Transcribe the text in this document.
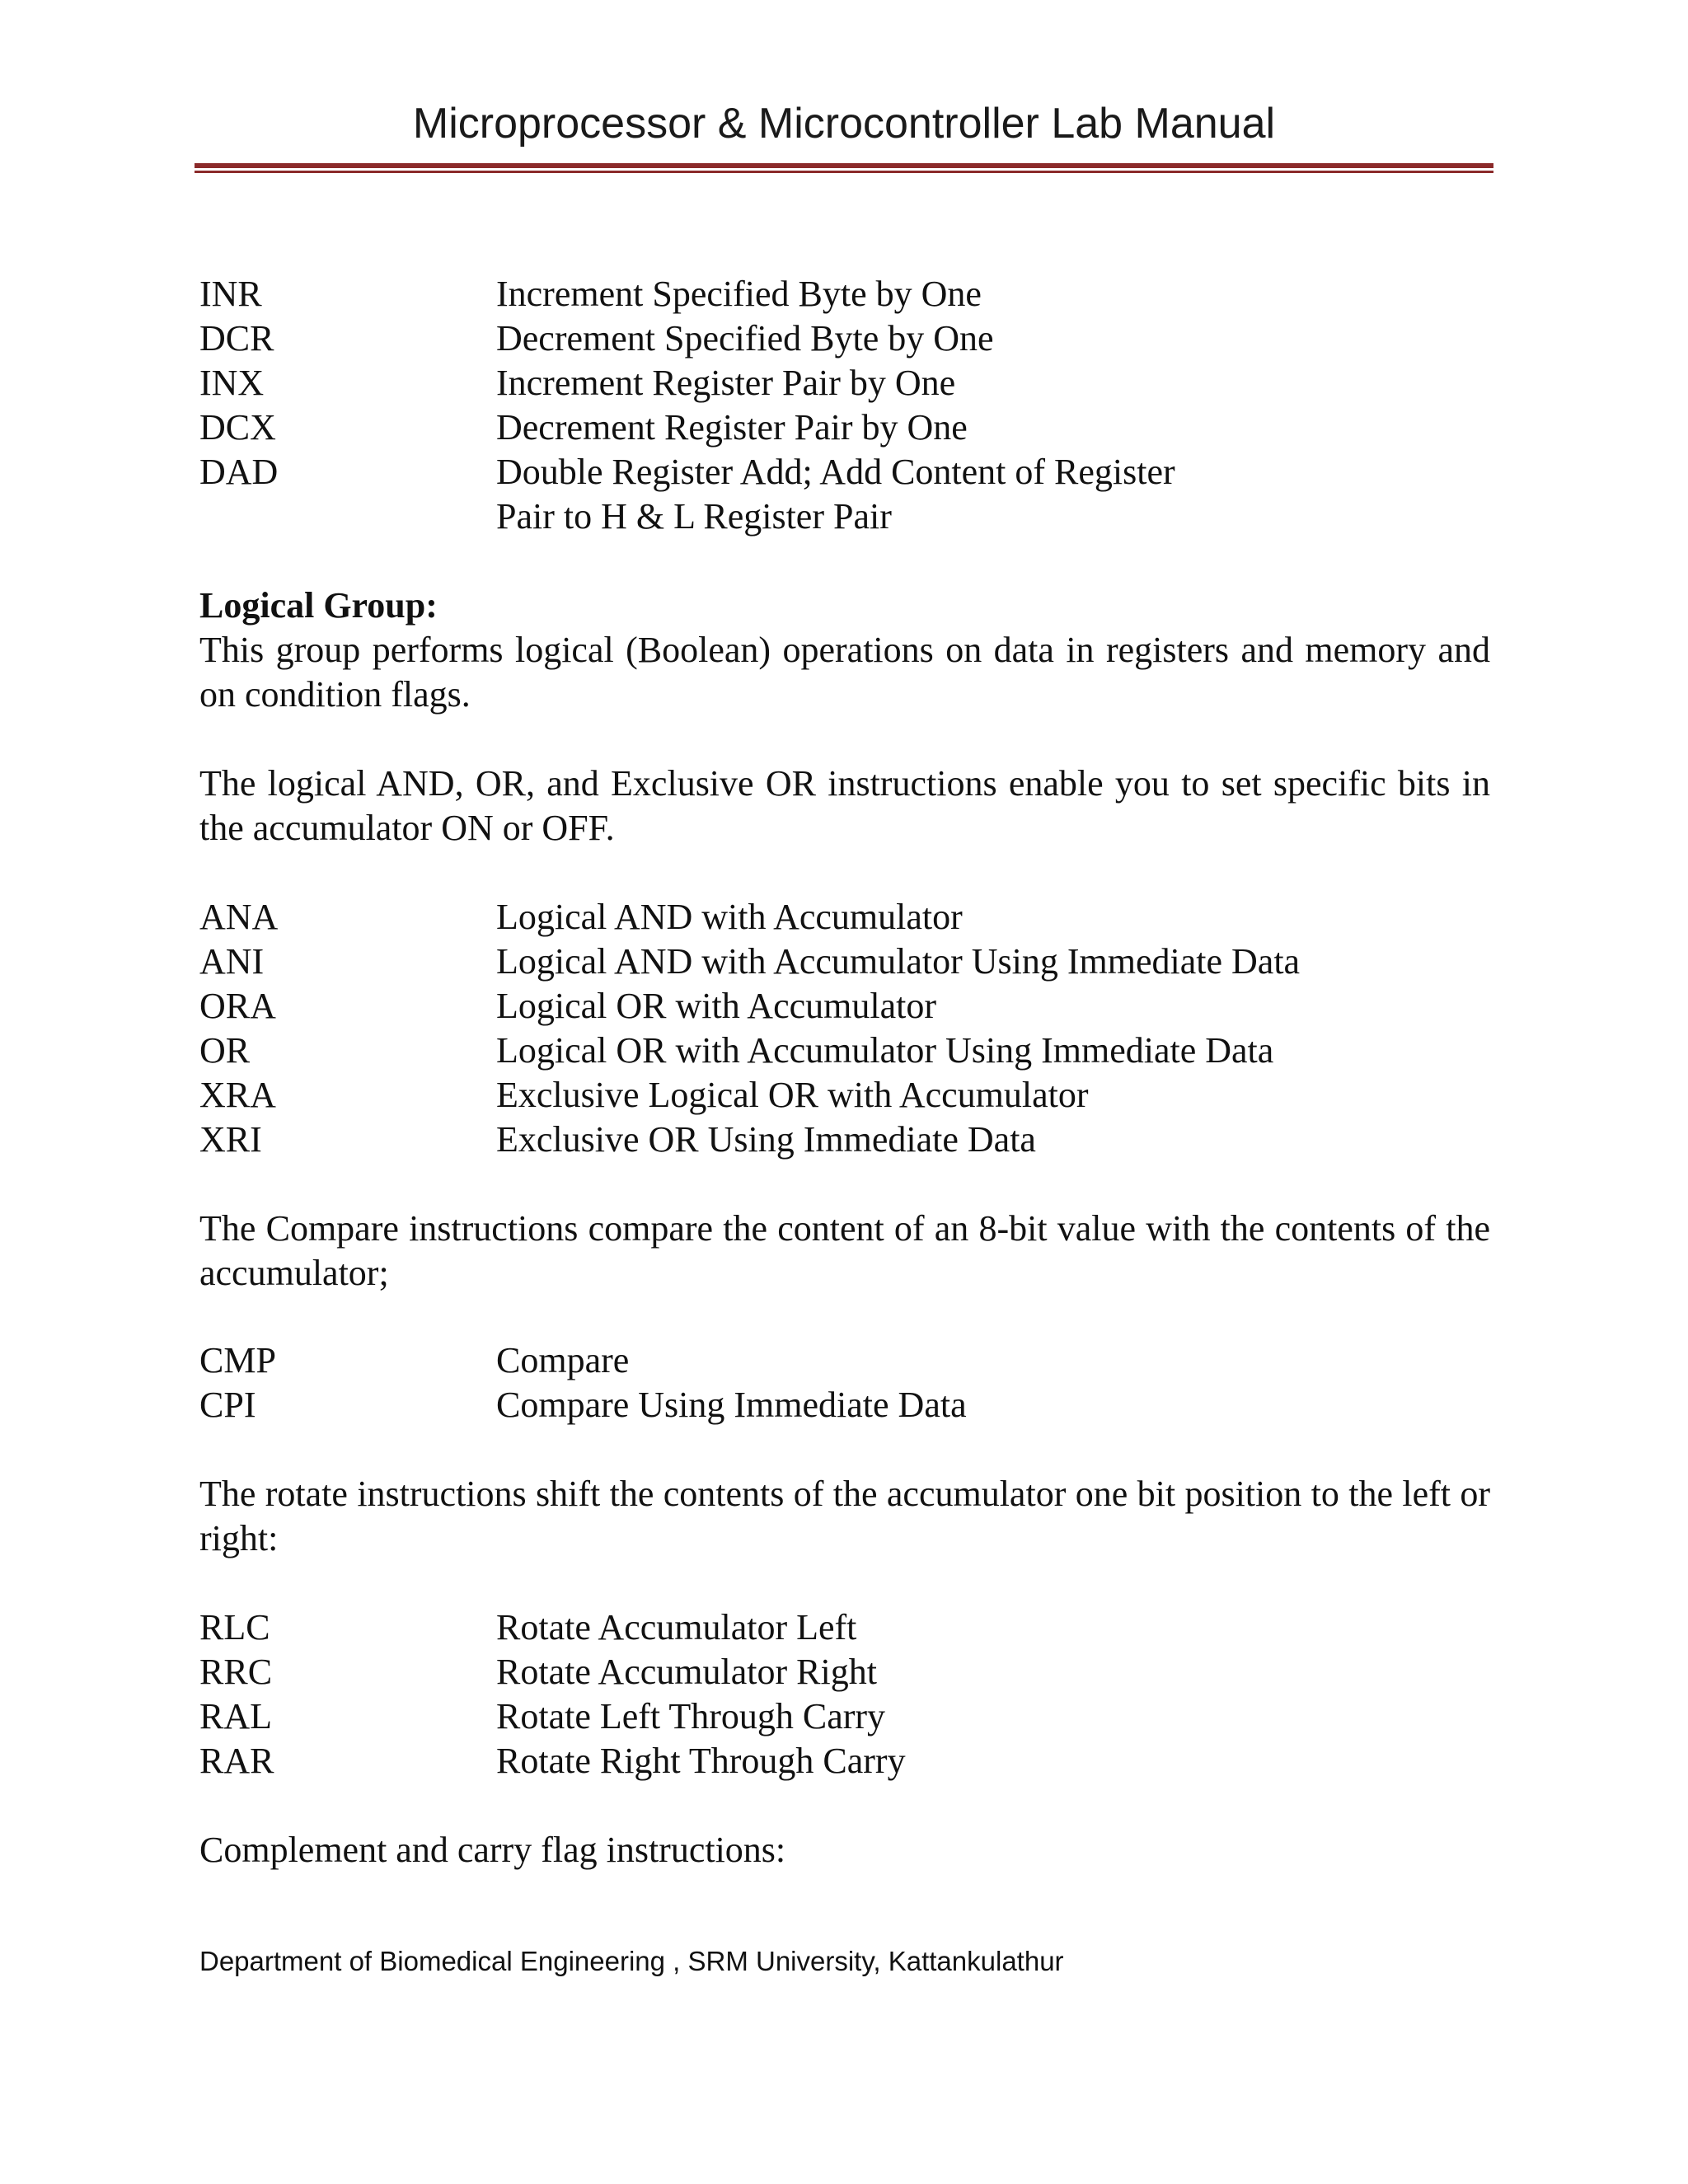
Microprocessor & Microcontroller Lab Manual
INR	Increment Specified Byte by One
DCR	Decrement Specified Byte by One
INX	Increment Register Pair by One
DCX	Decrement Register Pair by One
DAD	Double Register Add; Add Content of Register
Pair to H & L Register Pair
Logical Group:
This group performs logical (Boolean) operations on data in registers and memory and on condition flags.
The logical AND, OR, and Exclusive OR instructions enable you to set specific bits in the accumulator ON or OFF.
ANA	Logical AND with Accumulator
ANI	Logical AND with Accumulator Using Immediate Data
ORA	Logical OR with Accumulator
OR	Logical OR with Accumulator Using Immediate Data
XRA	Exclusive Logical OR with Accumulator
XRI	Exclusive OR Using Immediate Data
The Compare instructions compare the content of an 8-bit value with the contents of the accumulator;
CMP	Compare
CPI	Compare Using Immediate Data
The rotate instructions shift the contents of the accumulator one bit position to the left or right:
RLC	Rotate Accumulator Left
RRC	Rotate Accumulator Right
RAL	Rotate Left Through Carry
RAR	Rotate Right Through Carry
Complement and carry flag instructions:
Department of Biomedical Engineering , SRM University, Kattankulathur
